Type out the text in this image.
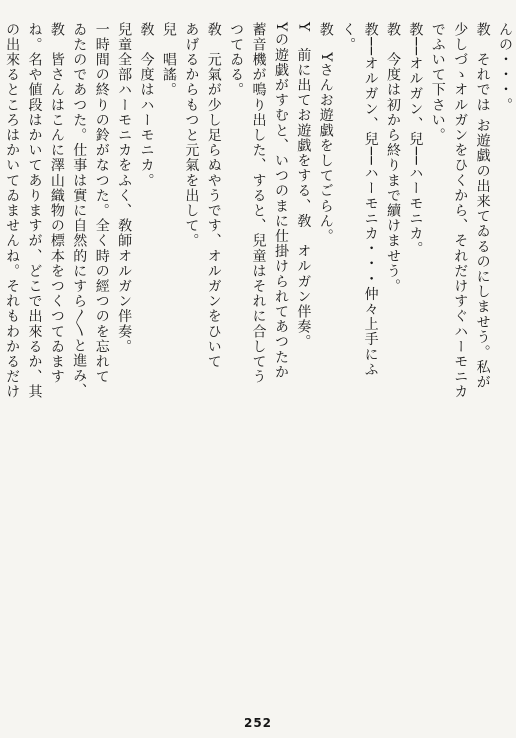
んの・・・。
教　それでは お遊戯の出来てゐるのにしませう。私が
少しづゝオルガンをひくから、それだけすぐハーモニカ
でふいて下さい。
教──オルガン、兒──ハーモニカ。
教　今度は初から終りまで續けませう。
教──オルガン、兒──ハーモニカ・・・仲々上手にふ
く。
教　Yさんお遊戯をしてごらん。
Y　前に出てお遊戯をする、敎　オルガン伴奏。
Yの遊戯がすむと、いつのまに仕掛けられてあつたか
蓄音機が鳴り出した、すると、兒童はそれに合してう
つてゐる。
敎　元氣が少し足らぬやうです、オルガンをひいて
あげるからもつと元氣を出して。
兒　唱謠。
敎　今度はハーモニカ。
兒童全部ハーモニカをふく、敎師オルガン伴奏。
一時間の終りの鈴がなつた。全く時の經つのを忘れて
ゐたのであつた。仕事は實に自然的にすら〳〵と進み、
教　皆さんはこんに澤山織物の標本をつくつてゐます
ね。名や値段はかいてありますが、どこで出來るか、其
の出來るところはかいてゐませんね。それもわかるだけ
252
